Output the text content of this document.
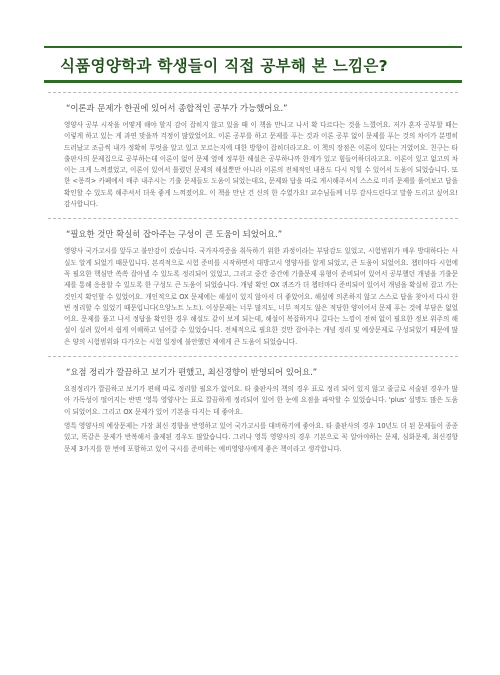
식품영양학과 학생들이 직접 공부해 본 느낌은?
“이론과 문제가 한권에 있어서 종합적인 공부가 가능했어요.”

영양사 공부 시작을 어떻게 해야 할지 감이 잡히지 않고 있을 때 이 책을 만나고 나서 확 다르다는 것을 느꼈어요. 저가 혼자 공부할 때는 이렇게 하고 있는 게 과연 맞을까 걱정이 많았었어요. 이론 공부를 하고 문제를 푸는 것과 이론 공부 없이 문제를 푸는 것의 차이가 분명히 드러났고 조금씩 내가 정확히 무엇을 알고 있고 모르는지에 대한 방향이 잡히더라고요. 이 책의 장점은 이론이 있다는 거였어요. 친구는 타 출판사의 문제집으로 공부하는데 이론이 없어 문제 옆에 정부한 해설은 공부하나까 한계가 있고 힘들어하더라고요. 이론이 있고 없고의 차이는 크게 느껴졌었고, 이론이 있어서 틀렸던 문제의 해설뿐만 아니라 이론의 전체적인 내용도 다시 익힐 수 있어서 도움이 되었습니다. 또한 <몽격> 카페에서 매주 내주시는 기출 문제들도 도움이 되었는데요, 문제와 답을 따로 게시해주셔서 스스로 미리 문제를 풀어보고 답을 확인할 수 있도록 해주셔서 더욱 좋게 느껴졌어요. 이 책을 만난 건 신의 한 수였가요! 교수님들께 너무 감사드린다고 말씀 드리고 싶어요! 감사합니다.

“필요한 것만 확실히 잡아주는 구성이 큰 도움이 되었어요.”

영양사 국가고시를 앞두고 불안감이 컸습니다. 국가자격증을 취득하기 위한 과정이라는 부담감도 있었고, 시험범위가 매우 방대하다는 사실도 알게 되었기 때문입니다. 본격적으로 시험 준비를 시작하면서 대방고시 영양사를 알게 되었고, 큰 도움이 되었어요. 챕터마다 시험에 꼭 필요한 핵심만 쏙쏙 잡아낼 수 있도록 정리되어 있었고, 그리고 중간 중간에 기출문제 유형이 준비되어 있어서 공부했던 개념을 기출문제를 통해 응용할 수 있도록 한 구성도 큰 도움이 되었습니다. 개념 확인 OX 퀴즈가 더 챕터마다 준비되어 있어서 개념을 확실히 잡고 가는 것인지 확인할 수 있었어요. 개인적으로 OX 문제에는 해설이 있지 않아서 더 좋았어요. 해설에 의존하지 않고 스스로 답을 찾아서 다시 한 번 정리할 수 있었기 때문입니다(으앙노트 노트). 이상문제는 너무 많지도, 너무 적지도 않은 적당한 양이어서 문제 푸는 것에 부담은 없었어요. 문제를 풀고 나서 정답을 확인한 경우 해설도 같이 보게 되는데, 해설이 복잡하거나 길다는 느낌이 전혀 없이 필요한 정보 위주의 해설이 실려 있어서 쉽게 이해하고 넘어갈 수 있었습니다. 전체적으로 필요한 것만 잡아주는 개념 정리 및 예상문제로 구성되었기 때문에 많은 양의 시험범위와 다가오는 시험 일정에 불안했던 제에게 큰 도움이 되었습니다.

“요점 정리가 깔끔하고 보기가 편했고, 최신경향이 반영되어 있어요.”

요점정리가 깔끔하고 보기가 편해 따로 정리할 필요가 없어요. 타 출판사의 책의 경우 표로 정리 되어 있지 않고 줄글로 서술된 경우가 많아 가독성이 떨어지는 반면 '영특 영양사'는 표로 깔끔하게 정리되어 있어 한 눈에 요점을 파악할 수 있었습니다. 'plus' 설명도 많은 도움이 되었어요. 그리고 OX 문제가 있어 기본을 다지는 데 좋아요.

영특 영양사의 예상문제는 가장 최신 경향을 반영하고 있어 국가고시를 대비하기에 좋아요. 타 출판사의 경우 10년도 더 된 문제들이 종종 있고, 똑같은 문제가 반복해서 출제된 경우도 많았습니다. 그러나 영특 영양사의 경우 기본으로 꼭 알아야하는 문제, 심화문제, 최신경향 문제 3가지를 한 번에 포함하고 있어 국시를 준비하는 예비영양사에게 좋은 책이라고 생각합니다.
